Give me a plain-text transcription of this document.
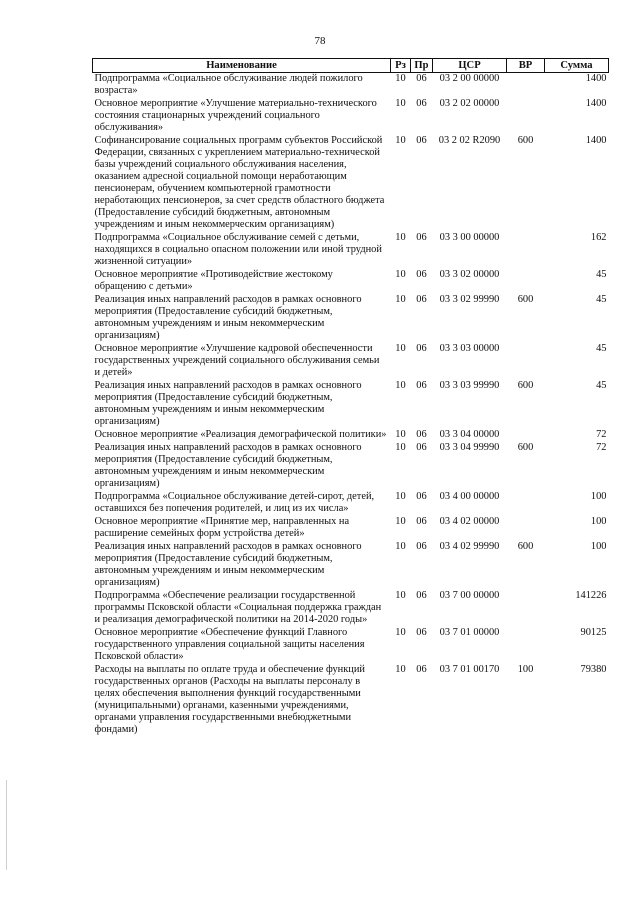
78
Наименование	Рз	Пр	ЦСР	ВР	Сумма
Подпрограмма «Социальное обслуживание людей пожилого возраста»	10	06	03 2 00 00000		1400
Основное мероприятие «Улучшение материально-технического состояния стационарных учреждений социального обслуживания»	10	06	03 2 02 00000		1400
Софинансирование социальных программ субъектов Российской Федерации, связанных с укреплением материально-технической базы учреждений социального обслуживания населения, оказанием адресной социальной помощи неработающим пенсионерам, обучением компьютерной грамотности неработающих пенсионеров, за счет средств областного бюджета (Предоставление субсидий бюджетным, автономным учреждениям и иным некоммерческим организациям)	10	06	03 2 02 R2090	600	1400
Подпрограмма «Социальное обслуживание семей с детьми, находящихся в социально опасном положении или иной трудной жизненной ситуации»	10	06	03 3 00 00000		162
Основное мероприятие «Противодействие жестокому обращению с детьми»	10	06	03 3 02 00000		45
Реализация иных направлений расходов в рамках основного мероприятия (Предоставление субсидий бюджетным, автономным учреждениям и иным некоммерческим организациям)	10	06	03 3 02 99990	600	45
Основное мероприятие «Улучшение кадровой обеспеченности государственных учреждений социального обслуживания семьи и детей»	10	06	03 3 03 00000		45
Реализация иных направлений расходов в рамках основного мероприятия (Предоставление субсидий бюджетным, автономным учреждениям и иным некоммерческим организациям)	10	06	03 3 03 99990	600	45
Основное мероприятие «Реализация демографической политики»	10	06	03 3 04 00000		72
Реализация иных направлений расходов в рамках основного мероприятия (Предоставление субсидий бюджетным, автономным учреждениям и иным некоммерческим организациям)	10	06	03 3 04 99990	600	72
Подпрограмма «Социальное обслуживание детей-сирот, детей, оставшихся без попечения родителей, и лиц из их числа»	10	06	03 4 00 00000		100
Основное мероприятие «Принятие мер, направленных на расширение семейных форм устройства детей»	10	06	03 4 02 00000		100
Реализация иных направлений расходов в рамках основного мероприятия (Предоставление субсидий бюджетным, автономным учреждениям и иным некоммерческим организациям)	10	06	03 4 02 99990	600	100
Подпрограмма «Обеспечение реализации государственной программы Псковской области «Социальная поддержка граждан и реализация демографической политики на 2014-2020 годы»	10	06	03 7 00 00000		141226
Основное мероприятие «Обеспечение функций Главного государственного управления социальной защиты населения Псковской области»	10	06	03 7 01 00000		90125
Расходы на выплаты по оплате труда и обеспечение функций государственных органов (Расходы на выплаты персоналу в целях обеспечения выполнения функций государственными (муниципальными) органами, казенными учреждениями, органами управления государственными внебюджетными фондами)	10	06	03 7 01 00170	100	79380
